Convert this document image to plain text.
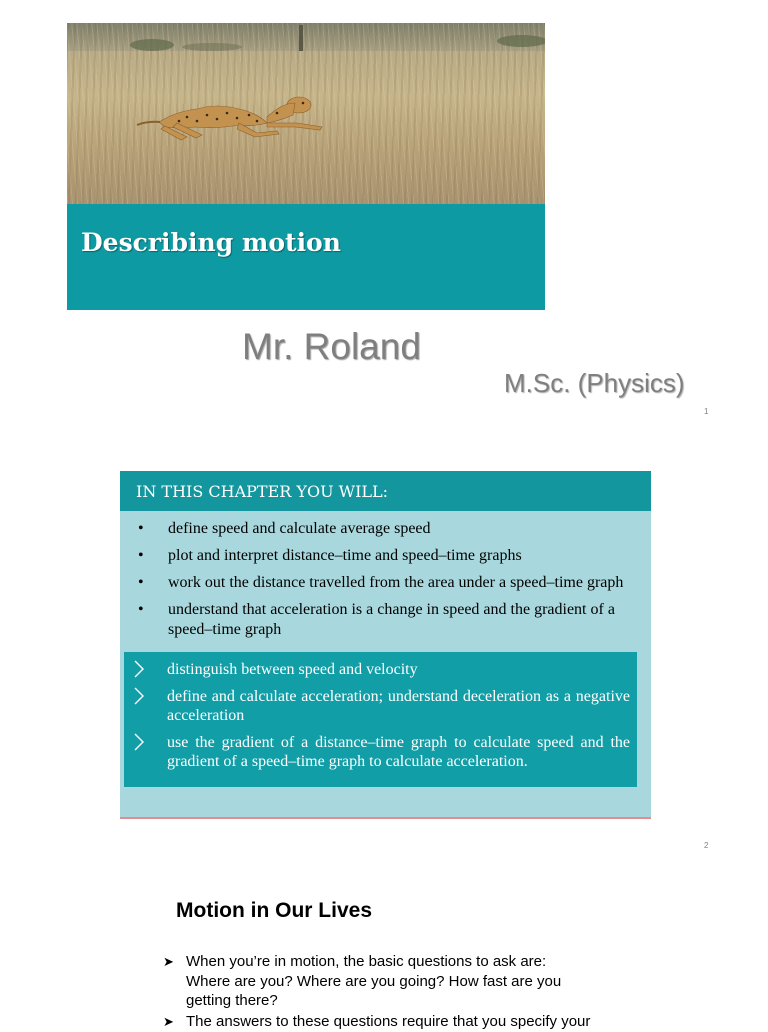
Describing motion
Mr. Roland
M.Sc. (Physics)
1
IN THIS CHAPTER YOU WILL:
• define speed and calculate average speed
• plot and interpret distance–time and speed–time graphs
• work out the distance travelled from the area under a speed–time graph
• understand that acceleration is a change in speed and the gradient of a speed–time graph
distinguish between speed and velocity
define and calculate acceleration; understand deceleration as a negative acceleration
use the gradient of a distance–time graph to calculate speed and the gradient of a speed–time graph to calculate acceleration.
2
Motion in Our Lives
➤ When you’re in motion, the basic questions to ask are: Where are you? Where are you going? How fast are you getting there?
➤ The answers to these questions require that you specify your
